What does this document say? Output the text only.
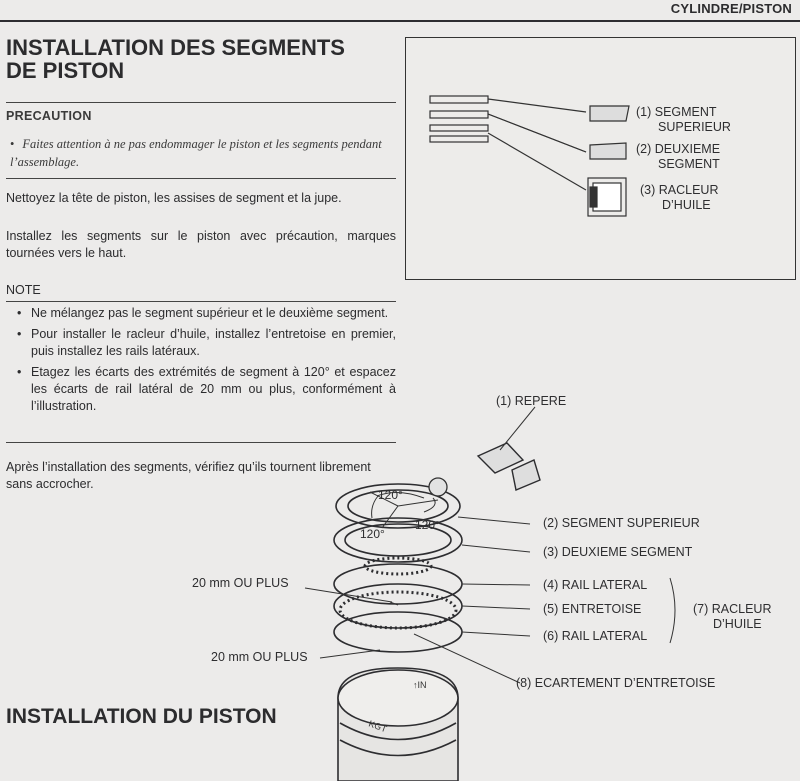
CYLINDRE/PISTON
INSTALLATION DES SEGMENTS
DE PISTON
PRECAUTION
• Faites attention à ne pas endommager le piston et les segments pendant l’assemblage.
Nettoyez la tête de piston, les assises de segment et la jupe.
Installez les segments sur le piston avec précaution, marques tournées vers le haut.
NOTE
• Ne mélangez pas le segment supérieur et le deuxième segment.
• Pour installer le racleur d’huile, installez l’entretoise en premier, puis installez les rails latéraux.
• Etagez les écarts des extrémités de segment à 120° et espacez les écarts de rail latéral de 20 mm ou plus, conformément à l’illustration.
Après l’installation des segments, vérifiez qu’ils tournent librement sans accrocher.
INSTALLATION DU PISTON	KGT
↑IN
(1) SEGMENT
SUPERIEUR
(2) DEUXIEME
SEGMENT
(3) RACLEUR
D’HUILE
(1) REPERE
120°
120°
120°
20 mm OU PLUS
20 mm OU PLUS
(2) SEGMENT SUPERIEUR
(3) DEUXIEME SEGMENT
(4) RAIL LATERAL
(5) ENTRETOISE
(6) RAIL LATERAL
(7) RACLEUR
D’HUILE
(8) ECARTEMENT D’ENTRETOISE
